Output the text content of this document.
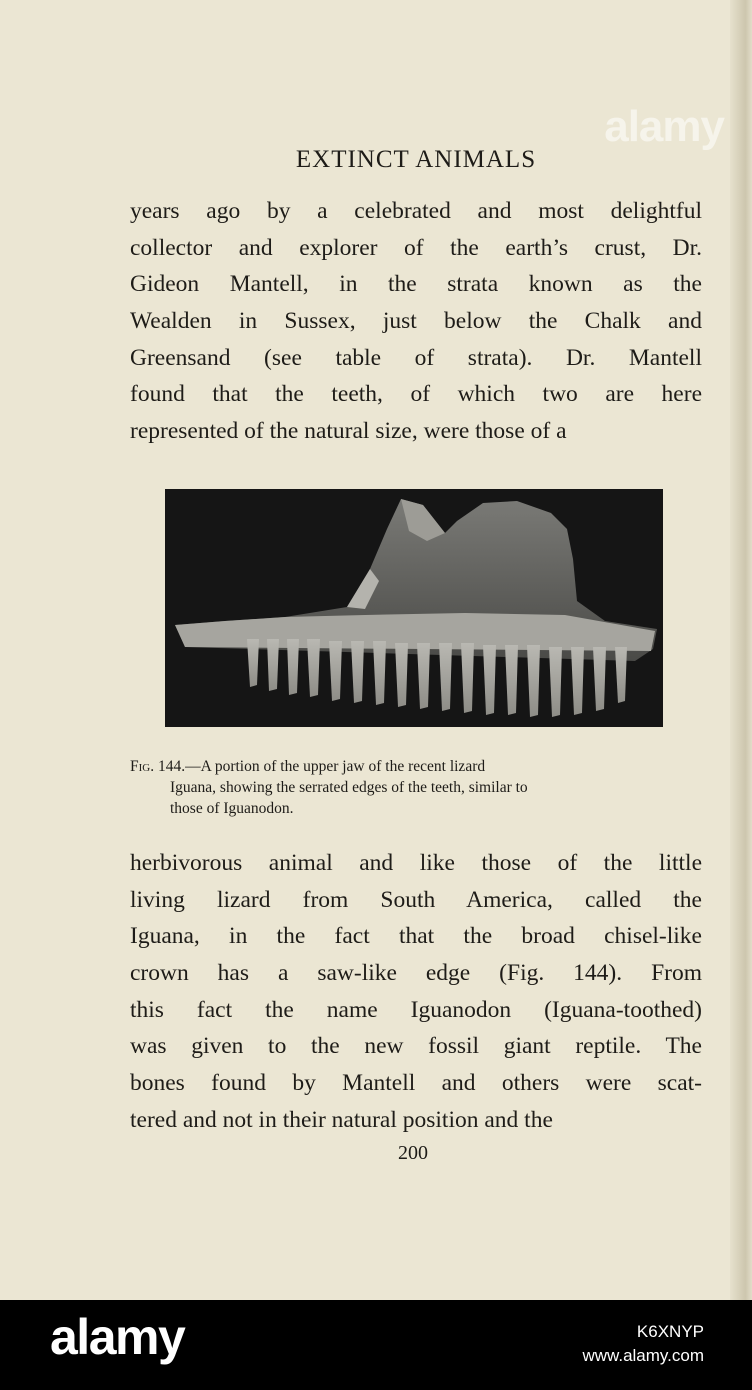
EXTINCT ANIMALS

years ago by a celebrated and most delightful
collector and explorer of the earth’s crust, Dr.
Gideon Mantell, in the strata known as the
Wealden in Sussex, just below the Chalk and
Greensand (see table of strata). Dr. Mantell
found that the teeth, of which two are here
represented of the natural size, were those of a

Fig. 144.—A portion of the upper jaw of the recent lizard
Iguana, showing the serrated edges of the teeth, similar to
those of Iguanodon.

herbivorous animal and like those of the little
living lizard from South America, called the
Iguana, in the fact that the broad chisel-like
crown has a saw-like edge (Fig. 144). From
this fact the name Iguanodon (Iguana-toothed)
was given to the new fossil giant reptile. The
bones found by Mantell and others were scat-
tered and not in their natural position and the

200
alamy
alamy	K6XNYP
www.alamy.com
